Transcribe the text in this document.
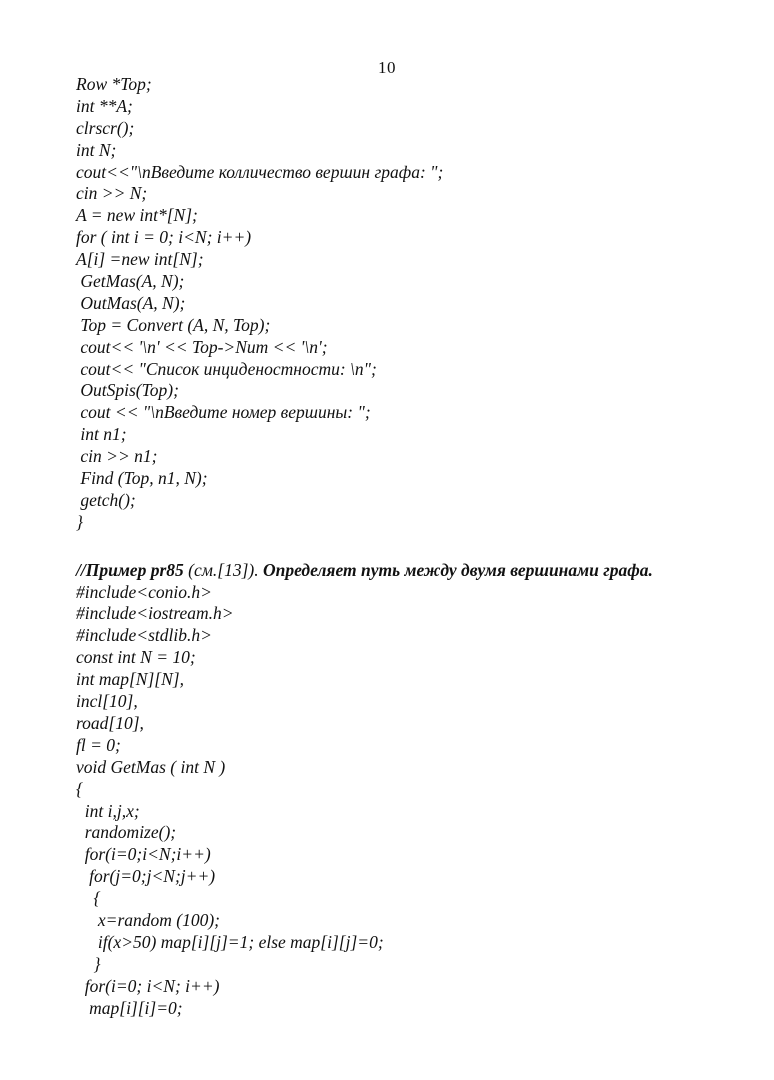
10
Row *Top;
int **A;
clrscr();
int N;
cout<<"\nВведите колличество вершин графа: ";
cin >> N;
A = new int*[N];
for ( int i = 0; i<N; i++)
A[i] =new int[N];
GetMas(A, N);
OutMas(A, N);
Top = Convert (A, N, Top);
cout<< '\n' << Top->Num << '\n';
cout<< "Список инциденостности: \n";
OutSpis(Top);
cout << "\nВведите номер вершины: ";
int n1;
cin >> n1;
Find (Top, n1, N);
getch();
}
//Пример pr85 (см.[13]). Определяет путь между двумя вершинами графа.
#include<conio.h>
#include<iostream.h>
#include<stdlib.h>
const int N = 10;
int map[N][N],
incl[10],
road[10],
fl = 0;
void GetMas ( int N )
{
int i,j,x;
randomize();
for(i=0;i<N;i++)
for(j=0;j<N;j++)
{
x=random (100);
if(x>50) map[i][j]=1; else map[i][j]=0;
}
for(i=0; i<N; i++)
map[i][i]=0;
